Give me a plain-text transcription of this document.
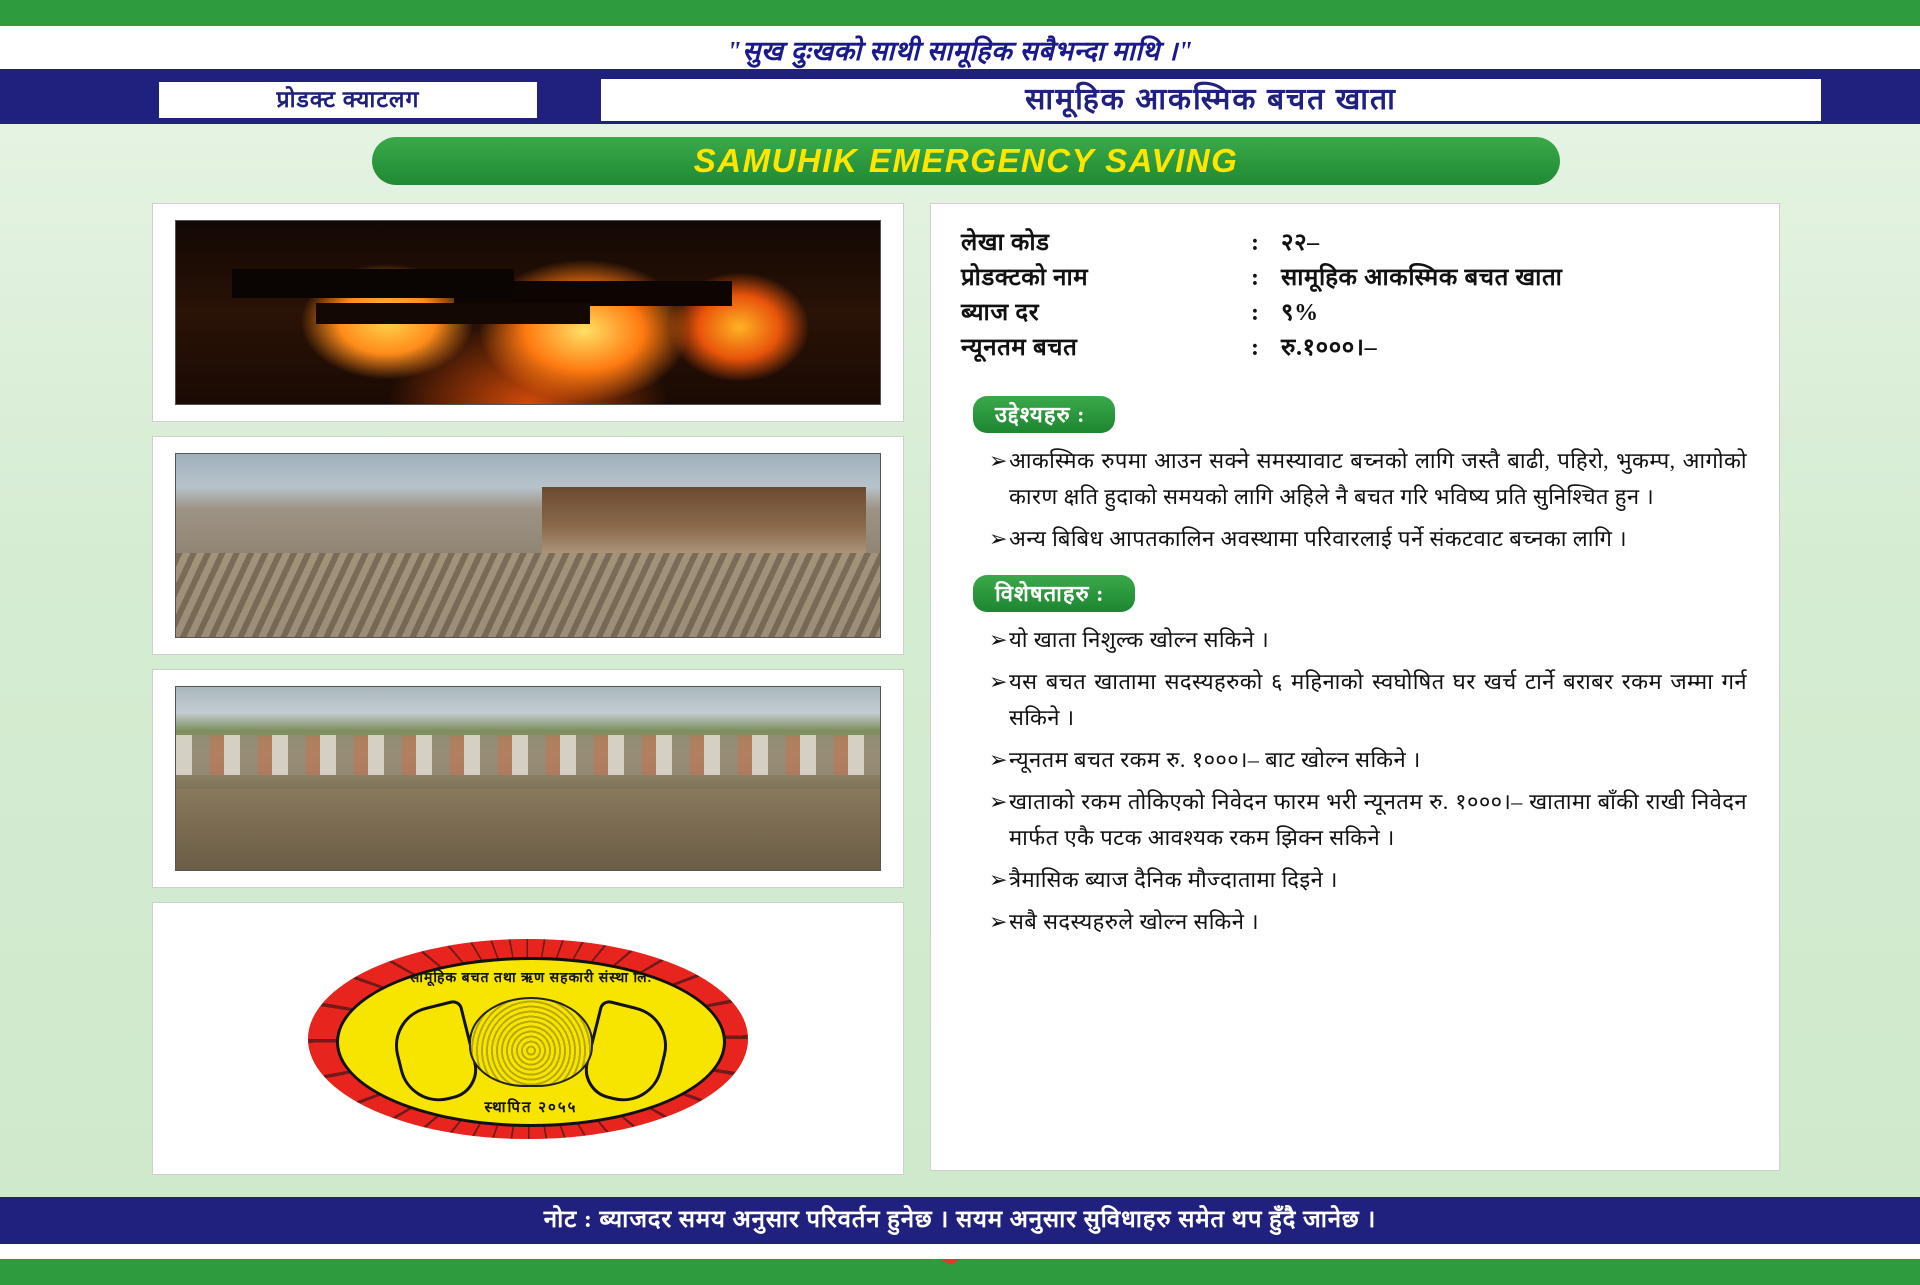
"सुख दुःखको साथी सामूहिक सबैभन्दा माथि ।"
प्रोडक्ट क्याटलग	सामूहिक आकस्मिक बचत खाता
SAMUHIK EMERGENCY SAVING
सामूहिक बचत तथा ऋण सहकारी संस्था लि.
स्थापित २०५५
लेखा कोड	: २२–
प्रोडक्टको नाम	: सामूहिक आकस्मिक बचत खाता
ब्याज दर	: ९%
न्यूनतम बचत	: रु.१०००।–
उद्देश्यहरु :
➢ आकस्मिक रुपमा आउन सक्ने समस्यावाट बच्नको लागि जस्तै बाढी, पहिरो, भुकम्प, आगोको कारण क्षति हुदाको समयको लागि अहिले नै बचत गरि भविष्य प्रति सुनिश्चित हुन ।
➢ अन्य बिबिध आपतकालिन अवस्थामा परिवारलाई पर्ने संकटवाट बच्नका लागि ।
विशेषताहरु :
➢ यो खाता निशुल्क खोल्न सकिने ।
➢ यस बचत खातामा सदस्यहरुको ६ महिनाको स्वघोषित घर खर्च टार्ने बराबर रकम जम्मा गर्न सकिने ।
➢ न्यूनतम बचत रकम रु. १०००।– बाट खोल्न सकिने ।
➢ खाताको रकम तोकिएको निवेदन फारम भरी न्यूनतम रु. १०००।– खातामा बाँकी राखी निवेदन मार्फत एकै पटक आवश्यक रकम झिक्न सकिने ।
➢ त्रैमासिक ब्याज दैनिक मौज्दातामा दिइने ।
➢ सबै सदस्यहरुले खोल्न सकिने ।
नोट : ब्याजदर समय अनुसार परिवर्तन हुनेछ । सयम अनुसार सुविधाहरु समेत थप हुँदै जानेछ ।
